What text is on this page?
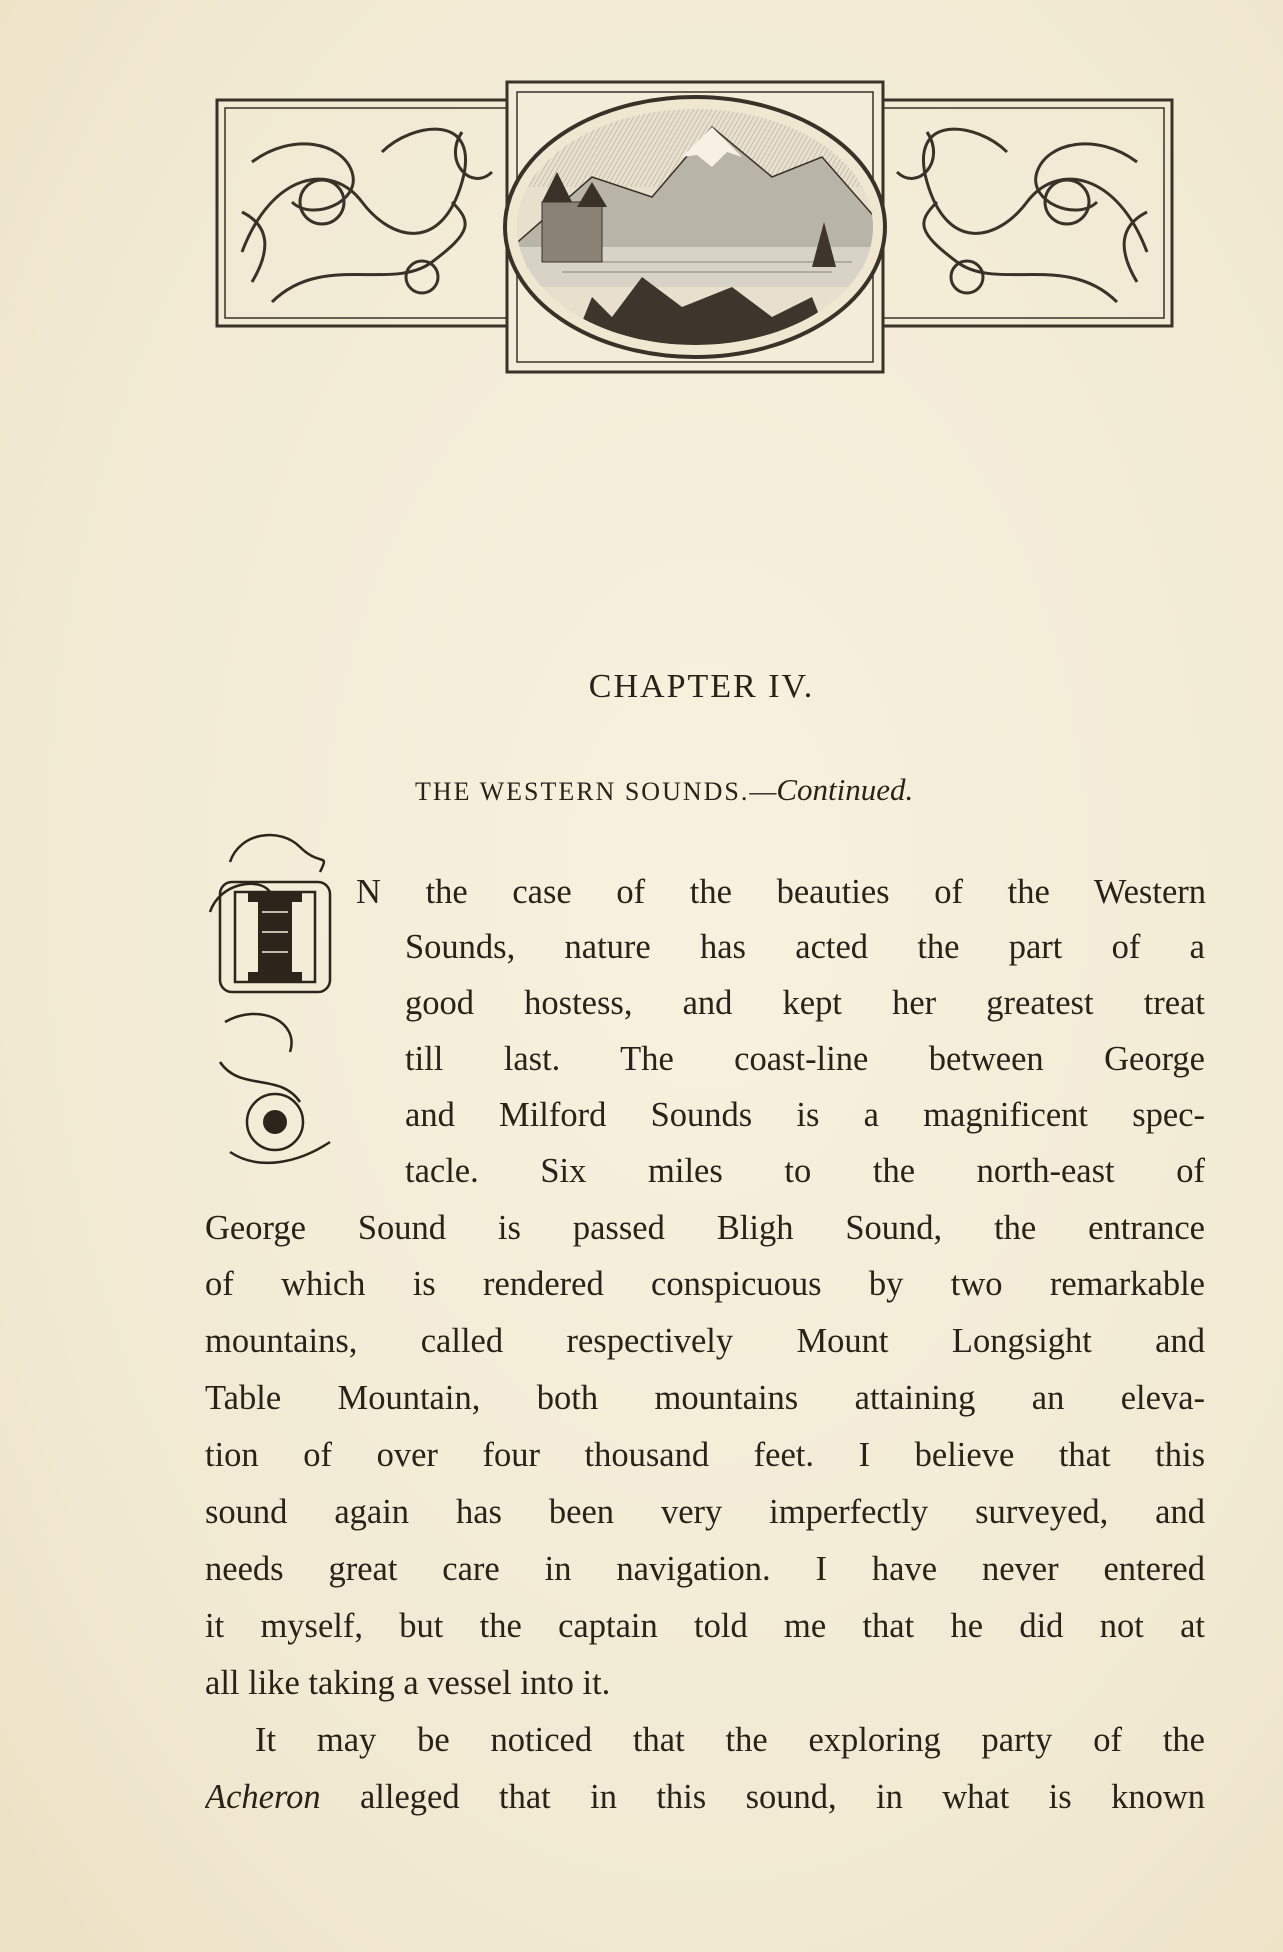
CHAPTER IV.
THE WESTERN SOUNDS.—Continued.
N the case of the beauties of the Western
Sounds, nature has acted the part of a
good hostess, and kept her greatest treat
till last. The coast-line between George
and Milford Sounds is a magnificent spec-
tacle. Six miles to the north-east of
George Sound is passed Bligh Sound, the entrance
of which is rendered conspicuous by two remarkable
mountains, called respectively Mount Longsight and
Table Mountain, both mountains attaining an eleva-
tion of over four thousand feet. I believe that this
sound again has been very imperfectly surveyed, and
needs great care in navigation. I have never entered
it myself, but the captain told me that he did not at
all like taking a vessel into it.
It may be noticed that the exploring party of the
Acheron alleged that in this sound, in what is known
